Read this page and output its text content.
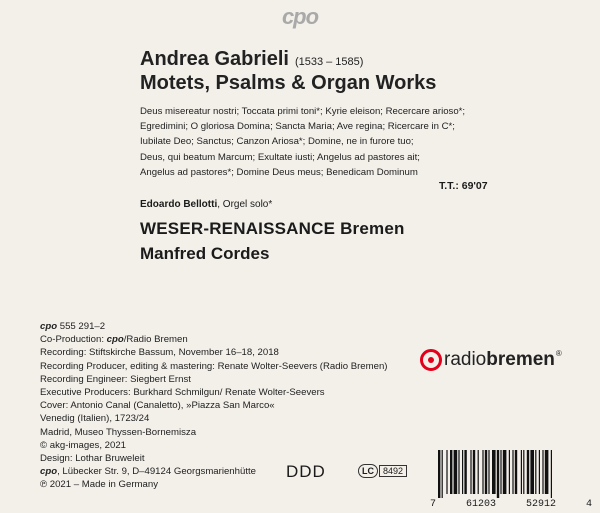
cpo
Andrea Gabrieli (1533 – 1585)
Motets, Psalms & Organ Works
Deus misereatur nostri; Toccata primi toni*; Kyrie eleison; Recercare arioso*;
Egredimini; O gloriosa Domina; Sancta Maria; Ave regina; Ricercare in C*;
Iubilate Deo; Sanctus; Canzon Ariosa*; Domine, ne in furore tuo;
Deus, qui beatum Marcum; Exultate iusti; Angelus ad pastores ait;
Angelus ad pastores*; Domine Deus meus; Benedicam Dominum
T.T.: 69'07
Edoardo Bellotti, Orgel solo*
WESER-RENAISSANCE Bremen
Manfred Cordes
cpo 555 291–2
Co-Production: cpo/Radio Bremen
Recording: Stiftskirche Bassum, November 16–18, 2018
Recording Producer, editing & mastering: Renate Wolter-Seevers (Radio Bremen)
Recording Engineer: Siegbert Ernst
Executive Producers: Burkhard Schmilgun/ Renate Wolter-Seevers
Cover: Antonio Canal (Canaletto), »Piazza San Marco«
Venedig (Italien), 1723/24
Madrid, Museo Thyssen-Bornemisza
© akg-images, 2021
Design: Lothar Bruweleit
cpo, Lübecker Str. 9, D–49124 Georgsmarienhütte
℗ 2021 – Made in Germany
radio bremen ®
DDD	LC	8492
7	61203	52912	4
